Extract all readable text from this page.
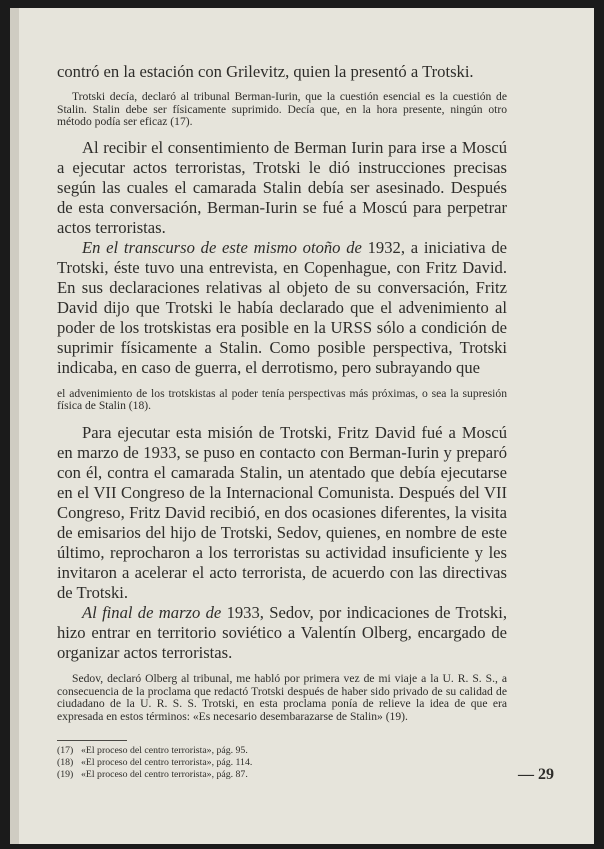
contró en la estación con Grilevitz, quien la presentó a Trotski.

Trotski decía, declaró al tribunal Berman-Iurin, que la cuestión esencial es la cuestión de Stalin. Stalin debe ser físicamente suprimido. Decía que, en la hora presente, ningún otro método podía ser eficaz (17).

Al recibir el consentimiento de Berman Iurin para irse a Moscú a ejecutar actos terroristas, Trotski le dió instrucciones precisas según las cuales el camarada Stalin debía ser asesinado. Después de esta conversación, Berman-Iurin se fué a Moscú para perpetrar actos terroristas.

En el transcurso de este mismo otoño de 1932, a iniciativa de Trotski, éste tuvo una entrevista, en Copenhague, con Fritz David. En sus declaraciones relativas al objeto de su conversación, Fritz David dijo que Trotski le había declarado que el advenimiento al poder de los trotskistas era posible en la URSS sólo a condición de suprimir físicamente a Stalin. Como posible perspectiva, Trotski indicaba, en caso de guerra, el derrotismo, pero subrayando que

el advenimiento de los trotskistas al poder tenía perspectivas más próximas, o sea la supresión física de Stalin (18).

Para ejecutar esta misión de Trotski, Fritz David fué a Moscú en marzo de 1933, se puso en contacto con Berman-Iurin y preparó con él, contra el camarada Stalin, un atentado que debía ejecutarse en el VII Congreso de la Internacional Comunista. Después del VII Congreso, Fritz David recibió, en dos ocasiones diferentes, la visita de emisarios del hijo de Trotski, Sedov, quienes, en nombre de este último, reprocharon a los terroristas su actividad insuficiente y les invitaron a acelerar el acto terrorista, de acuerdo con las directivas de Trotski.

Al final de marzo de 1933, Sedov, por indicaciones de Trotski, hizo entrar en territorio soviético a Valentín Olberg, encargado de organizar actos terroristas.

Sedov, declaró Olberg al tribunal, me habló por primera vez de mi viaje a la U. R. S. S., a consecuencia de la proclama que redactó Trotski después de haber sido privado de su calidad de ciudadano de la U. R. S. S. Trotski, en esta proclama ponía de relieve la idea de que era expresada en estos términos: «Es necesario desembarazarse de Stalin» (19).

(17) «El proceso del centro terrorista», pág. 95.
(18) «El proceso del centro terrorista», pág. 114.
(19) «El proceso del centro terrorista», pág. 87.	— 29
